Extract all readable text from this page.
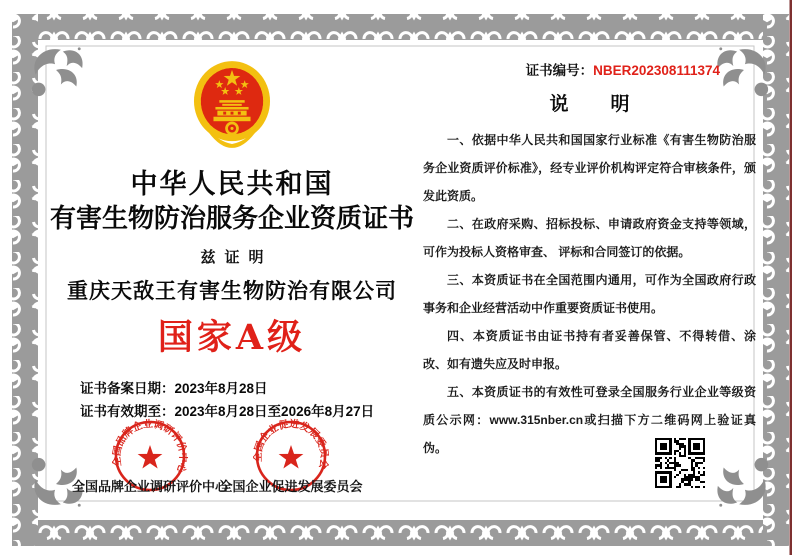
中华人民共和国
有害生物防治服务企业资质证书
兹证明
重庆天敌王有害生物防治有限公司
国家A级
证书备案日期：2023年8月28日
证书有效期至：2023年8月28日至2026年8月27日
全国品牌企业调研评价中心
全国企业促进发展委员会
全国品牌企业调研评价中心
全国企业促进发展委员会
证书编号：NBER202308111374
说明

一、依据中华人民共和国国家行业标准《有害生物防治服务企业资质评价标准》，经专业评价机构评定符合审核条件，颁发此资质。

二、在政府采购、招标投标、申请政府资金支持等领域，可作为投标人资格审查、 评标和合同签订的依据。

三、本资质证书在全国范围内通用，可作为全国政府行政事务和企业经营活动中作重要资质证书使用。

四、本资质证书由证书持有者妥善保管、不得转借、涂改、如有遗失应及时申报。

五、本资质证书的有效性可登录全国服务行业企业等级资质公示网：www.315nber.cn或扫描下方二维码网上验证真伪。
